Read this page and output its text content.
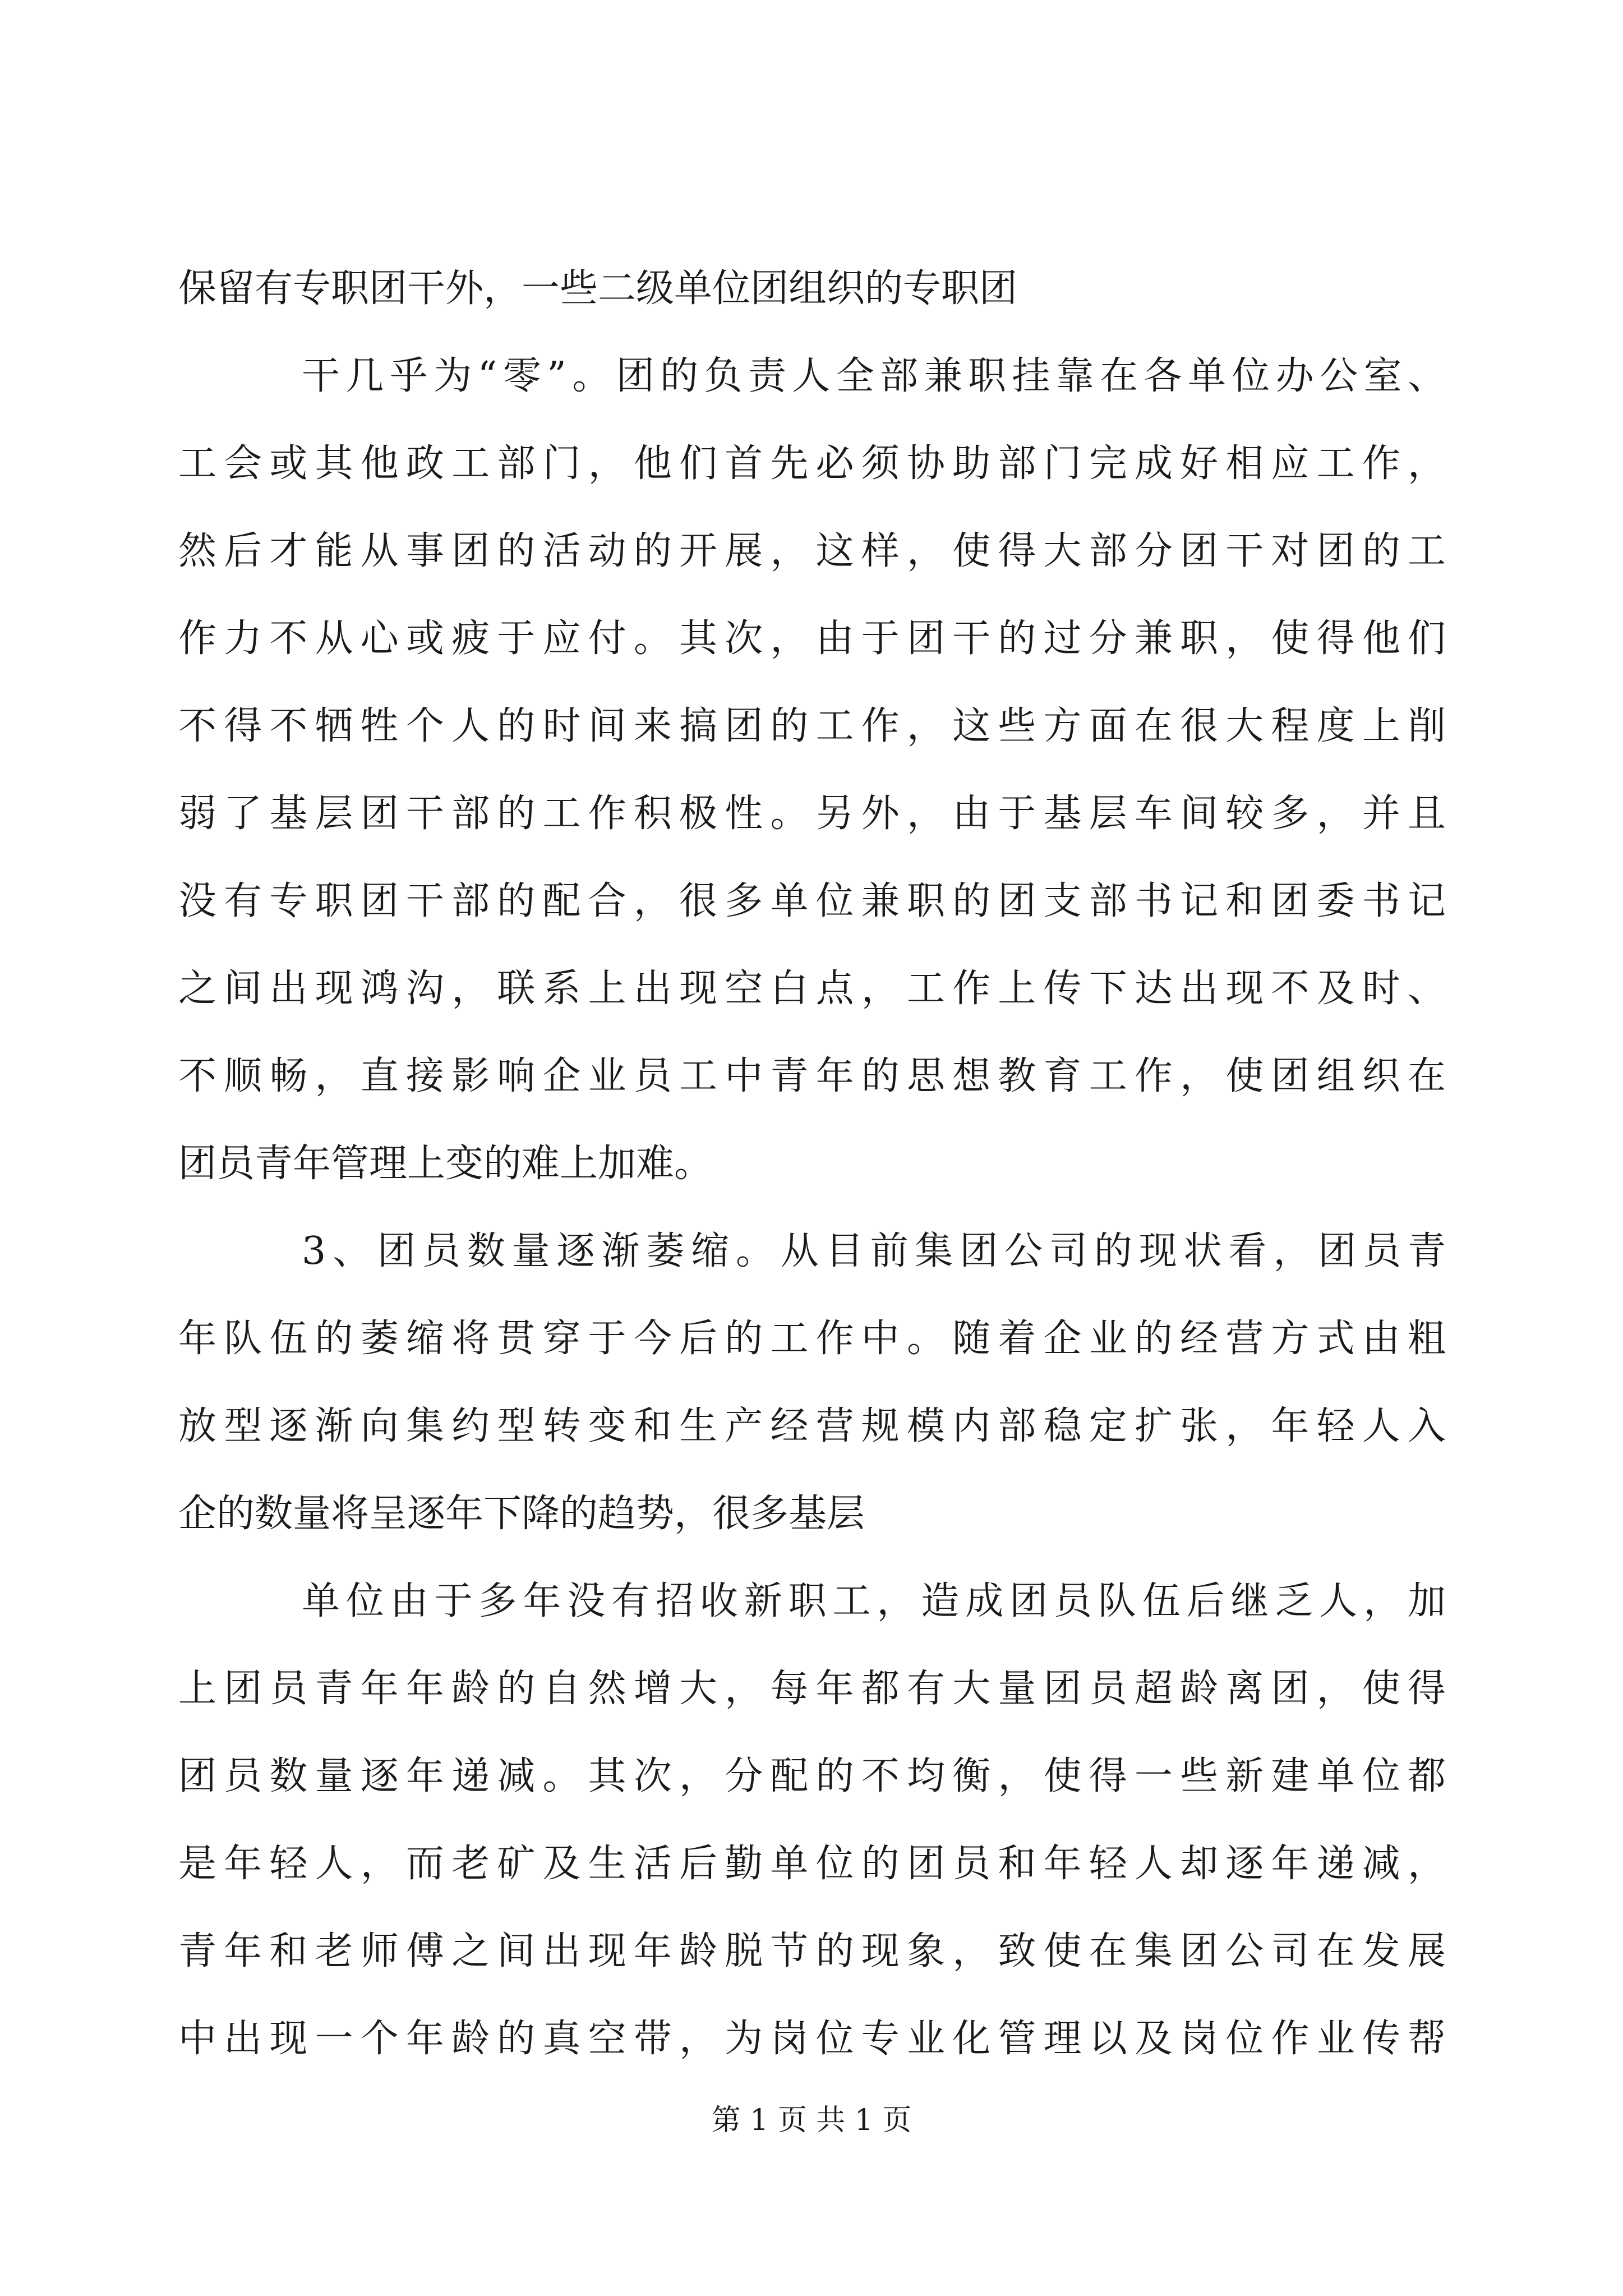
保留有专职团干外，一些二级单位团组织的专职团
干几乎为“零”。团的负责人全部兼职挂靠在各单位办公室、
工会或其他政工部门，他们首先必须协助部门完成好相应工作，
然后才能从事团的活动的开展，这样，使得大部分团干对团的工
作力不从心或疲于应付。其次，由于团干的过分兼职，使得他们
不得不牺牲个人的时间来搞团的工作，这些方面在很大程度上削
弱了基层团干部的工作积极性。另外，由于基层车间较多，并且
没有专职团干部的配合，很多单位兼职的团支部书记和团委书记
之间出现鸿沟，联系上出现空白点，工作上传下达出现不及时、
不顺畅，直接影响企业员工中青年的思想教育工作，使团组织在
团员青年管理上变的难上加难。
3、团员数量逐渐萎缩。从目前集团公司的现状看，团员青
年队伍的萎缩将贯穿于今后的工作中。随着企业的经营方式由粗
放型逐渐向集约型转变和生产经营规模内部稳定扩张，年轻人入
企的数量将呈逐年下降的趋势，很多基层
单位由于多年没有招收新职工，造成团员队伍后继乏人，加
上团员青年年龄的自然增大，每年都有大量团员超龄离团，使得
团员数量逐年递减。其次，分配的不均衡，使得一些新建单位都
是年轻人，而老矿及生活后勤单位的团员和年轻人却逐年递减，
青年和老师傅之间出现年龄脱节的现象，致使在集团公司在发展
中出现一个年龄的真空带，为岗位专业化管理以及岗位作业传帮
第 1 页 共 1 页
